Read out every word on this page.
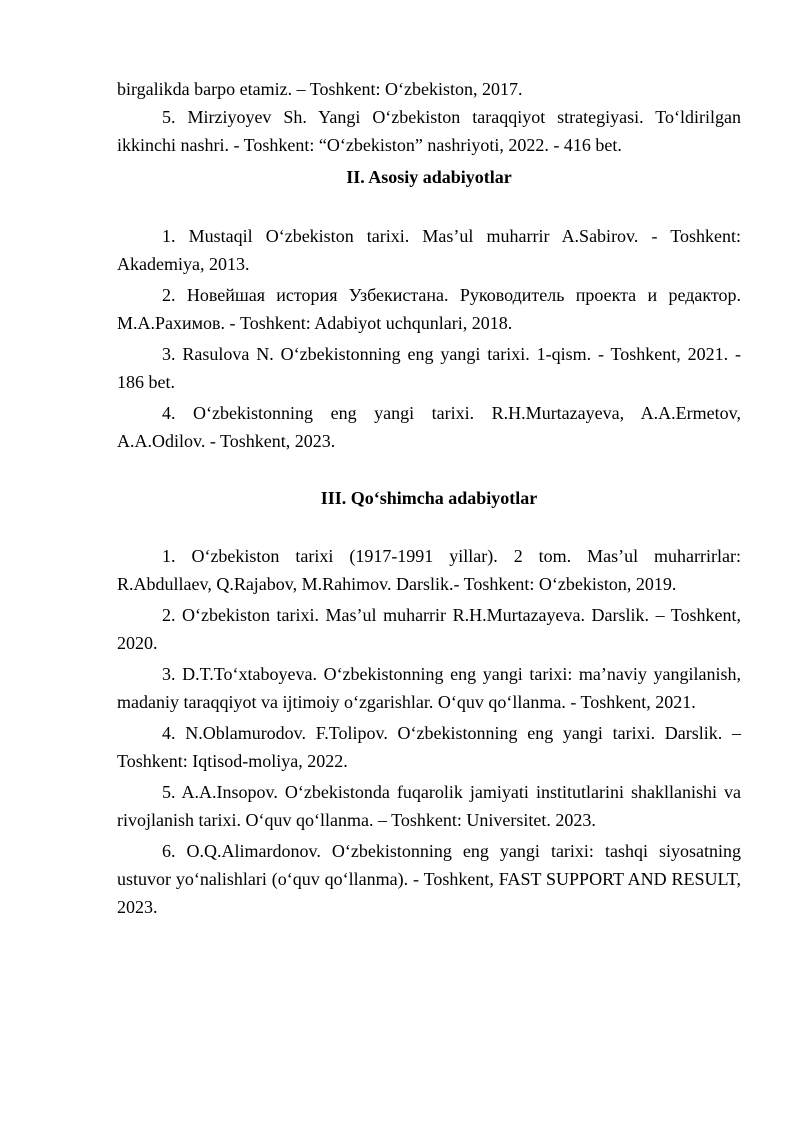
birgalikda barpo etamiz. – Toshkent: O‘zbekiston, 2017.

5. Mirziyoyev Sh. Yangi O‘zbekiston taraqqiyot strategiyasi. To‘ldirilgan ikkinchi nashri. - Toshkent: “O‘zbekiston” nashriyoti, 2022. - 416 bet.

II. Asosiy adabiyotlar

1. Mustaqil O‘zbekiston tarixi. Mas’ul muharrir A.Sabirov. - Toshkent: Akademiya, 2013.

2. Новейшая история Узбекистана. Руководитель проекта и редактор. М.А.Рахимов. - Toshkent: Adabiyot uchqunlari, 2018.

3. Rasulova N. O‘zbekistonning eng yangi tarixi. 1-qism. - Toshkent, 2021. - 186 bet.

4. O‘zbekistonning eng yangi tarixi. R.H.Murtazayeva, A.A.Ermetov, A.A.Odilov. - Toshkent, 2023.

III. Qo‘shimcha adabiyotlar

1. O‘zbekiston tarixi (1917-1991 yillar). 2 tom. Mas’ul muharrirlar: R.Abdullaev, Q.Rajabov, M.Rahimov. Darslik.- Toshkent: O‘zbekiston, 2019.

2. O‘zbekiston tarixi. Mas’ul muharrir R.H.Murtazayeva. Darslik. – Toshkent, 2020.

3. D.T.To‘xtaboyeva. O‘zbekistonning eng yangi tarixi: ma’naviy yangilanish, madaniy taraqqiyot va ijtimoiy o‘zgarishlar. O‘quv qo‘llanma. - Toshkent, 2021.

4. N.Oblamurodov. F.Tolipov. O‘zbekistonning eng yangi tarixi. Darslik. – Toshkent: Iqtisod-moliya, 2022.

5. A.A.Insopov. O‘zbekistonda fuqarolik jamiyati institutlarini shakllanishi va rivojlanish tarixi. O‘quv qo‘llanma. – Toshkent: Universitet. 2023.

6. O.Q.Alimardonov. O‘zbekistonning eng yangi tarixi: tashqi siyosatning ustuvor yo‘nalishlari (o‘quv qo‘llanma). - Toshkent, FAST SUPPORT AND RESULT, 2023.
